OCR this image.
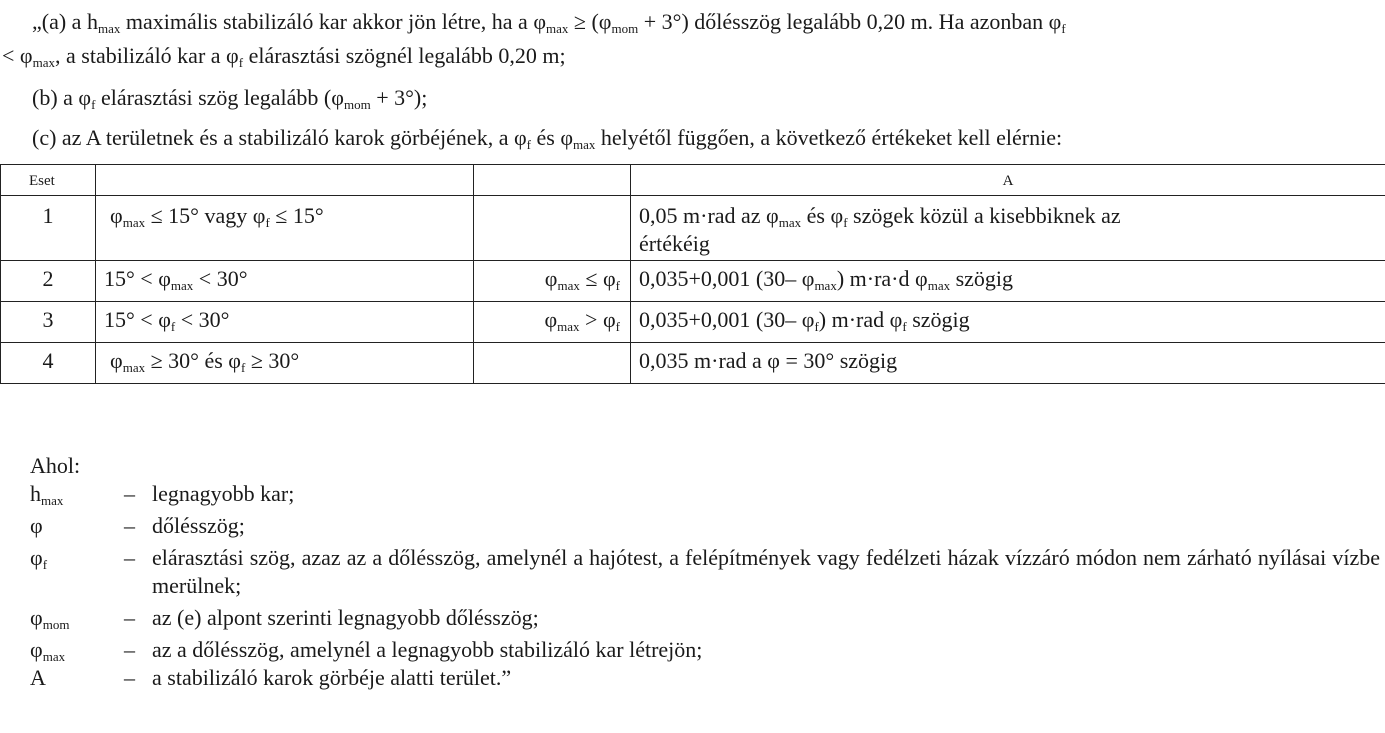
„(a) a $h_{max}$ maximális stabilizáló kar akkor jön létre, ha a $\varphi_{max} \ge (\varphi_{mom} + 3^\circ)$ dőlésszög legalább 0,20 m. Ha azonban $\varphi_f$
< $\varphi_{max}$, a stabilizáló kar a $\varphi_f$ elárasztási szögnél legalább 0,20 m;
(b) a $\varphi_f$ elárasztási szög legalább $(\varphi_{mom} + 3^\circ)$;
(c) az A területnek és a stabilizáló karok görbéjének, a $\varphi_f$ és $\varphi_{max}$ helyétől függően, a következő értékeket kell elérnie:
Eset			A
1	$\varphi_{max} \le 15^\circ$ vagy $\varphi_f \le 15^\circ$		0,05 m·rad az $\varphi_{max}$ és $\varphi_f$ szögek közül a kisebbiknek az
értékéig
2	$15^\circ < \varphi_{max} < 30^\circ$	$\varphi_{max} \le \varphi_f$	0,035+0,001 (30– $\varphi_{max}$) m·ra·d $\varphi_{max}$ szögig
3	$15^\circ < \varphi_f < 30^\circ$	$\varphi_{max} > \varphi_f$	0,035+0,001 (30– $\varphi_f$) m·rad $\varphi_f$ szögig
4	$\varphi_{max} \ge 30^\circ$ és $\varphi_f \ge 30^\circ$		0,035 m·rad a φ = 30° szögig
Ahol:
$h_{max}$	– legnagyobb kar;
φ	– dőlésszög;
$\varphi_f$	– elárasztási szög, azaz az a dőlésszög, amelynél a hajótest, a felépítmények vagy fedélzeti házak vízzáró módon nem zárható nyílásai vízbe merülnek;
$\varphi_{mom}$	– az (e) alpont szerinti legnagyobb dőlésszög;
$\varphi_{max}$	– az a dőlésszög, amelynél a legnagyobb stabilizáló kar létrejön;
A	– a stabilizáló karok görbéje alatti terület.”
